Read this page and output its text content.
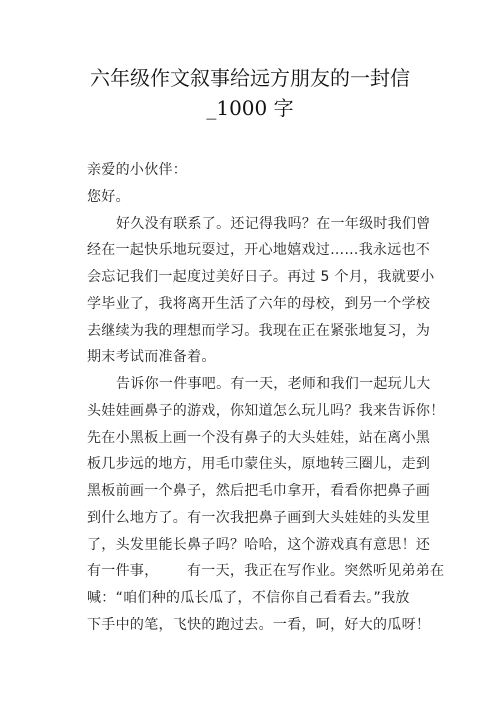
六年级作文叙事给远方朋友的一封信
_1000 字
亲爱的小伙伴：
您好。
好久没有联系了。还记得我吗？在一年级时我们曾
经在一起快乐地玩耍过，开心地嬉戏过……我永远也不
会忘记我们一起度过美好日子。再过 5 个月，我就要小
学毕业了，我将离开生活了六年的母校，到另一个学校
去继续为我的理想而学习。我现在正在紧张地复习，为
期末考试而准备着。
告诉你一件事吧。有一天，老师和我们一起玩儿大
头娃娃画鼻子的游戏，你知道怎么玩儿吗？我来告诉你！
先在小黑板上画一个没有鼻子的大头娃娃，站在离小黑
板几步远的地方，用毛巾蒙住头，原地转三圈儿，走到
黑板前画一个鼻子，然后把毛巾拿开，看看你把鼻子画
到什么地方了。有一次我把鼻子画到大头娃娃的头发里
了，头发里能长鼻子吗？哈哈，这个游戏真有意思！还
有一件事，      有一天，我正在写作业。突然听见弟弟在
喊：“咱们种的瓜长瓜了，不信你自己看看去。”我放
下手中的笔，飞快的跑过去。一看，呵，好大的瓜呀！
